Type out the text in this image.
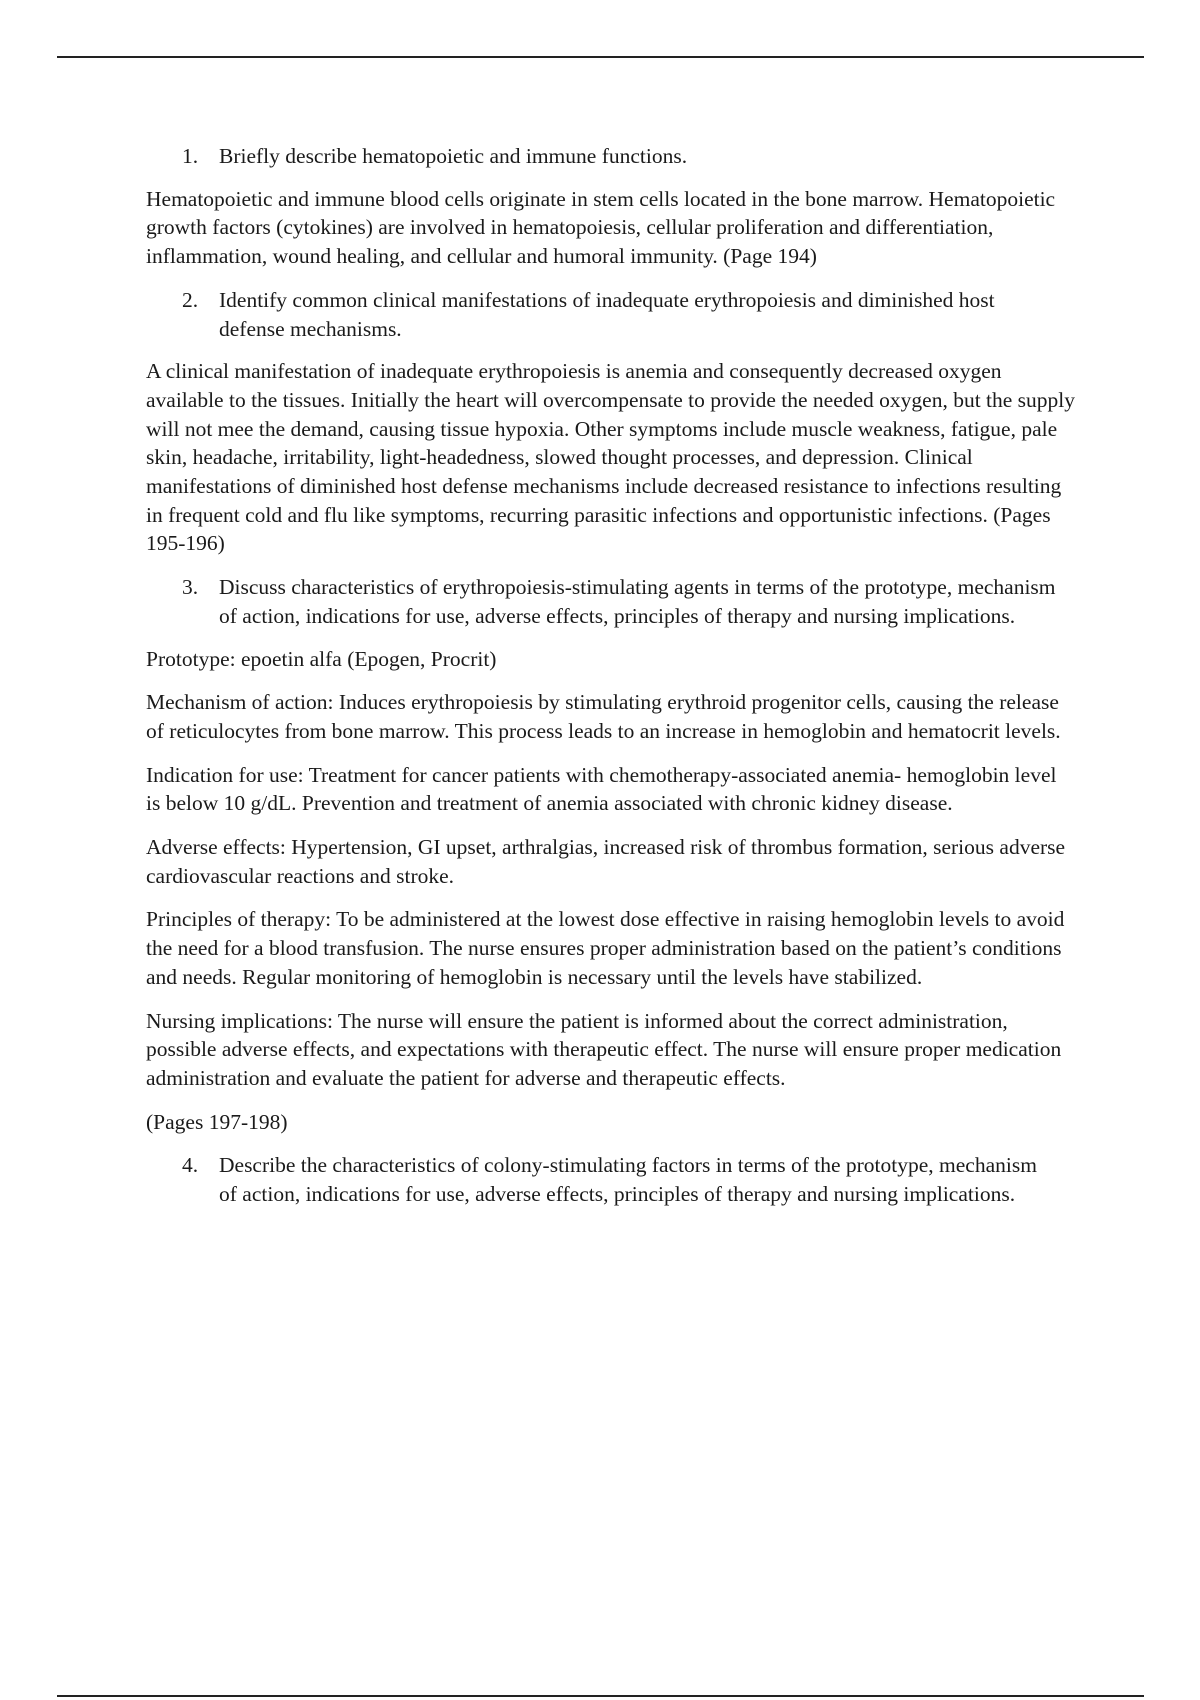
1. Briefly describe hematopoietic and immune functions.

Hematopoietic and immune blood cells originate in stem cells located in the bone marrow. Hematopoietic growth factors (cytokines) are involved in hematopoiesis, cellular proliferation and differentiation, inflammation, wound healing, and cellular and humoral immunity. (Page 194)

2. Identify common clinical manifestations of inadequate erythropoiesis and diminished host defense mechanisms.

A clinical manifestation of inadequate erythropoiesis is anemia and consequently decreased oxygen available to the tissues. Initially the heart will overcompensate to provide the needed oxygen, but the supply will not mee the demand, causing tissue hypoxia. Other symptoms include muscle weakness, fatigue, pale skin, headache, irritability, light-headedness, slowed thought processes, and depression. Clinical manifestations of diminished host defense mechanisms include decreased resistance to infections resulting in frequent cold and flu like symptoms, recurring parasitic infections and opportunistic infections. (Pages 195-196)

3. Discuss characteristics of erythropoiesis-stimulating agents in terms of the prototype, mechanism of action, indications for use, adverse effects, principles of therapy and nursing implications.

Prototype: epoetin alfa (Epogen, Procrit)

Mechanism of action: Induces erythropoiesis by stimulating erythroid progenitor cells, causing the release of reticulocytes from bone marrow. This process leads to an increase in hemoglobin and hematocrit levels.

Indication for use: Treatment for cancer patients with chemotherapy-associated anemia- hemoglobin level is below 10 g/dL. Prevention and treatment of anemia associated with chronic kidney disease.

Adverse effects: Hypertension, GI upset, arthralgias, increased risk of thrombus formation, serious adverse cardiovascular reactions and stroke.

Principles of therapy: To be administered at the lowest dose effective in raising hemoglobin levels to avoid the need for a blood transfusion. The nurse ensures proper administration based on the patient’s conditions and needs. Regular monitoring of hemoglobin is necessary until the levels have stabilized.

Nursing implications: The nurse will ensure the patient is informed about the correct administration, possible adverse effects, and expectations with therapeutic effect. The nurse will ensure proper medication administration and evaluate the patient for adverse and therapeutic effects.

(Pages 197-198)

4. Describe the characteristics of colony-stimulating factors in terms of the prototype, mechanism of action, indications for use, adverse effects, principles of therapy and nursing implications.
